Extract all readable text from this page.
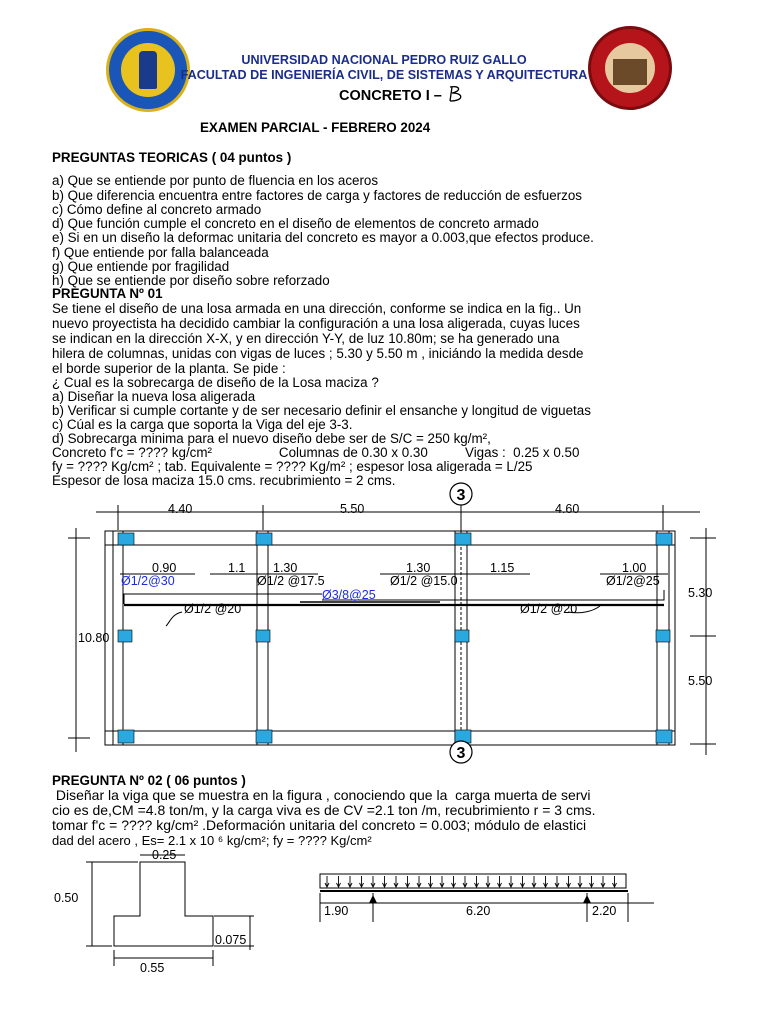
UNIVERSIDAD NACIONAL PEDRO RUIZ GALLO
FACULTAD DE INGENIERÍA CIVIL, DE SISTEMAS Y ARQUITECTURA
CONCRETO I –
EXAMEN PARCIAL - FEBRERO 2024
PREGUNTAS TEORICAS ( 04 puntos )
a) Que se entiende por punto de fluencia en los aceros
b) Que diferencia encuentra entre factores de carga y factores de reducción de esfuerzos
c) Cómo define al concreto armado
d) Que función cumple el concreto en el diseño de elementos de concreto armado
e) Si en un diseño la deformac unitaria del concreto es mayor a 0.003,que efectos produce.
f) Que entiende por falla balanceada
g) Que entiende por fragilidad
h) Que se entiende por diseño sobre reforzado
PREGUNTA Nº 01
Se tiene el diseño de una losa armada en una dirección, conforme se indica en la fig.. Un
nuevo proyectista ha decidido cambiar la configuración a una losa aligerada, cuyas luces
se indican en la dirección X-X, y en dirección Y-Y, de luz 10.80m; se ha generado una
hilera de columnas, unidas con vigas de luces ; 5.30 y 5.50 m , iniciándo la medida desde
el borde superior de la planta. Se pide :
¿ Cual es la sobrecarga de diseño de la Losa maciza ?
a) Diseñar la nueva losa aligerada
b) Verificar si cumple cortante y de ser necesario definir el ensanche y longitud de viguetas
c) Cúal es la carga que soporta la Viga del eje 3-3.
d) Sobrecarga minima para el nuevo diseño debe ser de S/C = 250 kg/m²,
Concreto f'c = ???? kg/cm²                  Columnas de 0.30 x 0.30          Vigas :  0.25 x 0.50
fy = ???? Kg/cm² ; tab. Equivalente = ???? Kg/m² ; espesor losa aligerada = L/25
Espesor de losa maciza 15.0 cms. recubrimiento = 2 cms.
3
3
4.40	5.50	4.60
10.80
5.30
5.50
0.90	1.1 1.30	1.30	1.15	1.00
Ø1/2@30	Ø1/2 @17.5	Ø1/2 @15.0	Ø1/2@25
Ø3/8@25
Ø1/2 @20	Ø1/2 @20
PREGUNTA Nº 02 ( 06 puntos )
Diseñar la viga que se muestra en la figura , conociendo que la  carga muerta de servi
cio es de,CM =4.8 ton/m, y la carga viva es de CV =2.1 ton /m, recubrimiento r = 3 cms.
tomar f'c = ???? kg/cm² .Deformación unitaria del concreto = 0.003; módulo de elastici
dad del acero , Es= 2.1 x 10 ⁶ kg/cm²; fy = ???? Kg/cm²
0.25
0.50
0.075
0.55
1.90	6.20	2.20
